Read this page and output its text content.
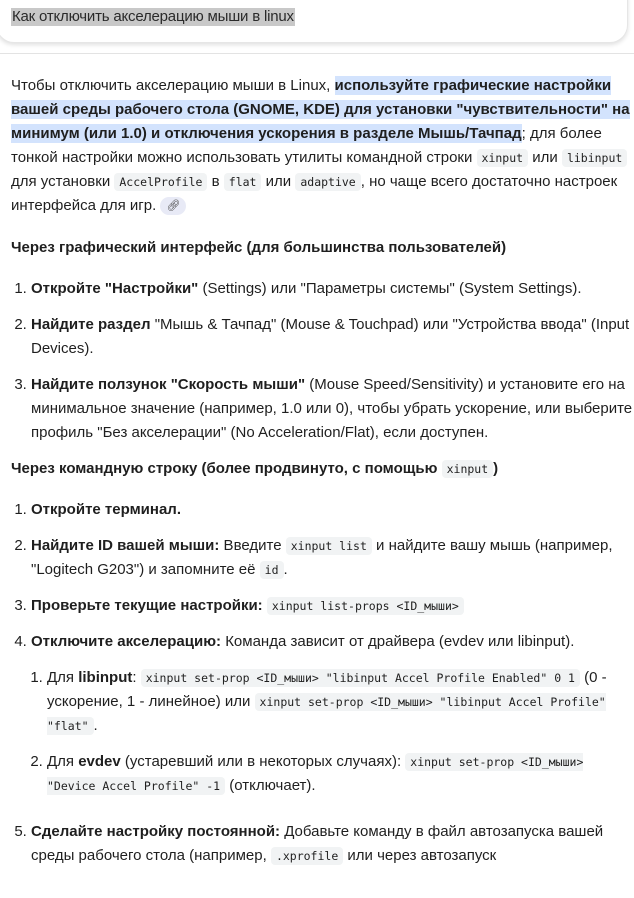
Как отключить акселерацию мыши в linux

Чтобы отключить акселерацию мыши в Linux, используйте графические настройки вашей среды рабочего стола (GNOME, KDE) для установки "чувствительности" на минимум (или 1.0) и отключения ускорения в разделе Мышь/Тачпад; для более тонкой настройки можно использовать утилиты командной строки xinput или libinput для установки AccelProfile в flat или adaptive , но чаще всего достаточно настроек интерфейса для игр. 🔗︎

Через графический интерфейс (для большинства пользователей)
1. Откройте "Настройки" (Settings) или "Параметры системы" (System Settings).
2. Найдите раздел "Мышь & Тачпад" (Mouse & Touchpad) или "Устройства ввода" (Input Devices).
3. Найдите ползунок "Скорость мыши" (Mouse Speed/Sensitivity) и установите его на минимальное значение (например, 1.0 или 0), чтобы убрать ускорение, или выберите профиль "Без акселерации" (No Acceleration/Flat), если доступен.
Через командную строку (более продвинуто, с помощью xinput )
1. Откройте терминал.
2. Найдите ID вашей мыши: Введите xinput list и найдите вашу мышь (например, "Logitech G203") и запомните её id .
3. Проверьте текущие настройки: xinput list-props <ID_мыши>
4. Отключите акселерацию: Команда зависит от драйвера (evdev или libinput).
1. Для libinput: xinput set-prop <ID_мыши> "libinput Accel Profile Enabled" 0 1 (0 - ускорение, 1 - линейное) или xinput set-prop <ID_мыши> "libinput Accel Profile" "flat" .
2. Для evdev (устаревший или в некоторых случаях): xinput set-prop <ID_мыши> "Device Accel Profile" -1 (отключает).
5. Сделайте настройку постоянной: Добавьте команду в файл автозапуска вашей среды рабочего стола (например, .xprofile или через автозапуск
